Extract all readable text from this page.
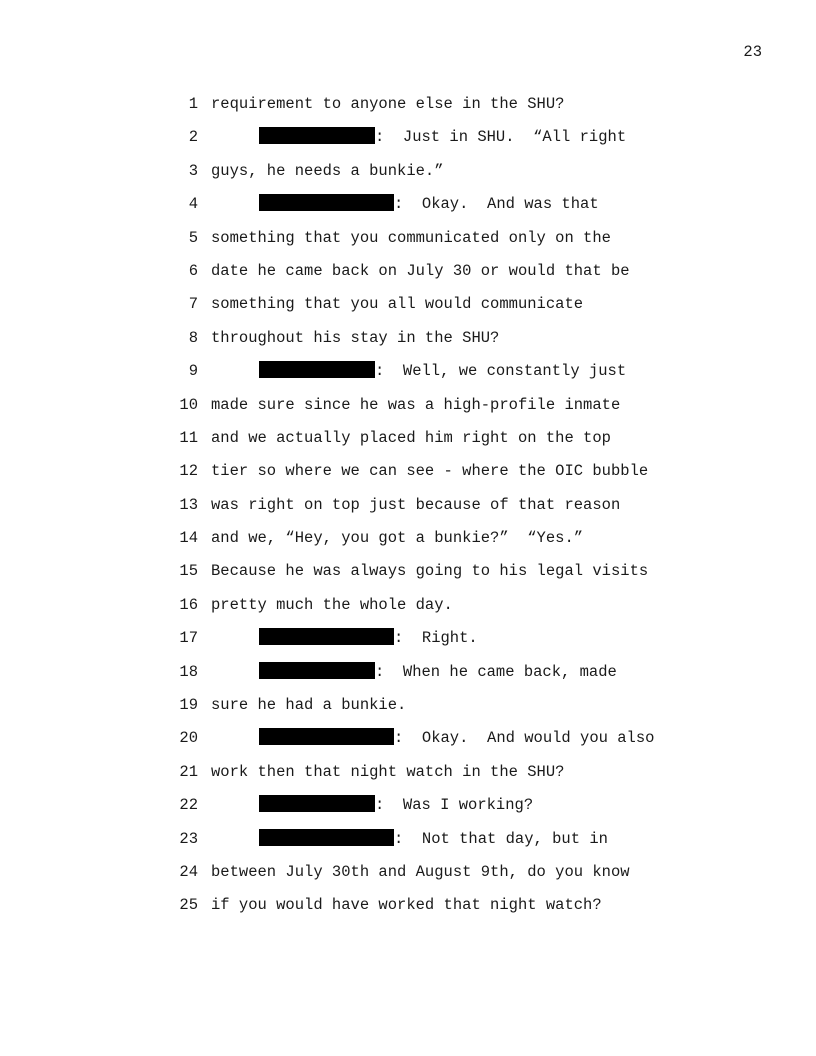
23
1 requirement to anyone else in the SHU?
2	:  Just in SHU.  “All right
3 guys, he needs a bunkie.”
4	:  Okay.  And was that
5 something that you communicated only on the
6 date he came back on July 30 or would that be
7 something that you all would communicate
8 throughout his stay in the SHU?
9	:  Well, we constantly just
10 made sure since he was a high-profile inmate
11 and we actually placed him right on the top
12 tier so where we can see - where the OIC bubble
13 was right on top just because of that reason
14 and we, “Hey, you got a bunkie?”  “Yes.”
15 Because he was always going to his legal visits
16 pretty much the whole day.
17	:  Right.
18	:  When he came back, made
19 sure he had a bunkie.
20	:  Okay.  And would you also
21 work then that night watch in the SHU?
22	:  Was I working?
23	:  Not that day, but in
24 between July 30th and August 9th, do you know
25 if you would have worked that night watch?
